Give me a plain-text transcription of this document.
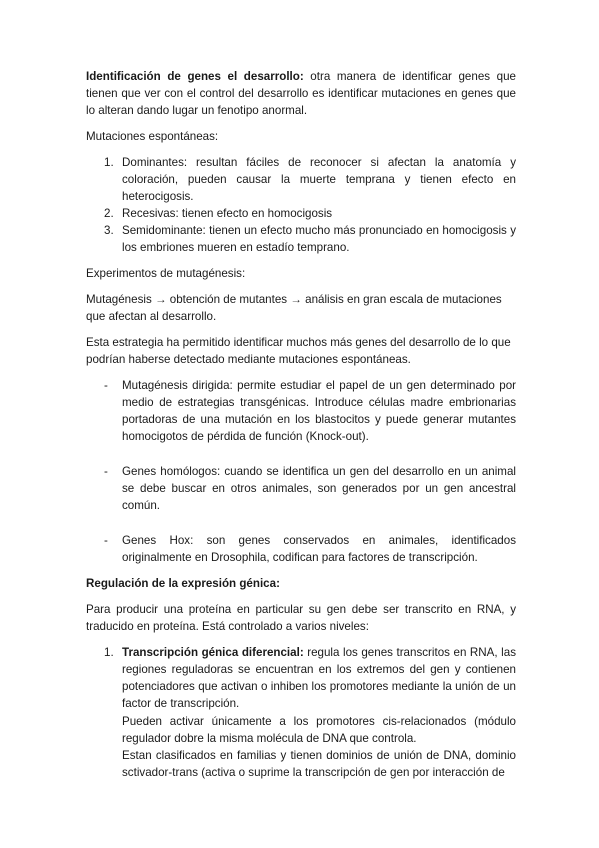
Identificación de genes el desarrollo: otra manera de identificar genes que tienen que ver con el control del desarrollo es identificar mutaciones en genes que lo alteran dando lugar un fenotipo anormal.

Mutaciones espontáneas:

1. Dominantes: resultan fáciles de reconocer si afectan la anatomía y coloración, pueden causar la muerte temprana y tienen efecto en heterocigosis.
2. Recesivas: tienen efecto en homocigosis
3. Semidominante: tienen un efecto mucho más pronunciado en homocigosis y los embriones mueren en estadío temprano.

Experimentos de mutagénesis:

Mutagénesis → obtención de mutantes → análisis en gran escala de mutaciones que afectan al desarrollo.

Esta estrategia ha permitido identificar muchos más genes del desarrollo de lo que podrían haberse detectado mediante mutaciones espontáneas.

- Mutagénesis dirigida: permite estudiar el papel de un gen determinado por medio de estrategias transgénicas. Introduce células madre embrionarias portadoras de una mutación en los blastocitos y puede generar mutantes homocigotos de pérdida de función (Knock-out).
- Genes homólogos: cuando se identifica un gen del desarrollo en un animal se debe buscar en otros animales, son generados por un gen ancestral común.
- Genes Hox: son genes conservados en animales, identificados originalmente en Drosophila, codifican para factores de transcripción.

Regulación de la expresión génica:

Para producir una proteína en particular su gen debe ser transcrito en RNA, y traducido en proteína. Está controlado a varios niveles:

1. Transcripción génica diferencial: regula los genes transcritos en RNA, las regiones reguladoras se encuentran en los extremos del gen y contienen potenciadores que activan o inhiben los promotores mediante la unión de un factor de transcripción.

Pueden activar únicamente a los promotores cis-relacionados (módulo regulador dobre la misma molécula de DNA que controla.

Estan clasificados en familias y tienen dominios de unión de DNA, dominio sctivador-trans (activa o suprime la transcripción de gen por interacción de
